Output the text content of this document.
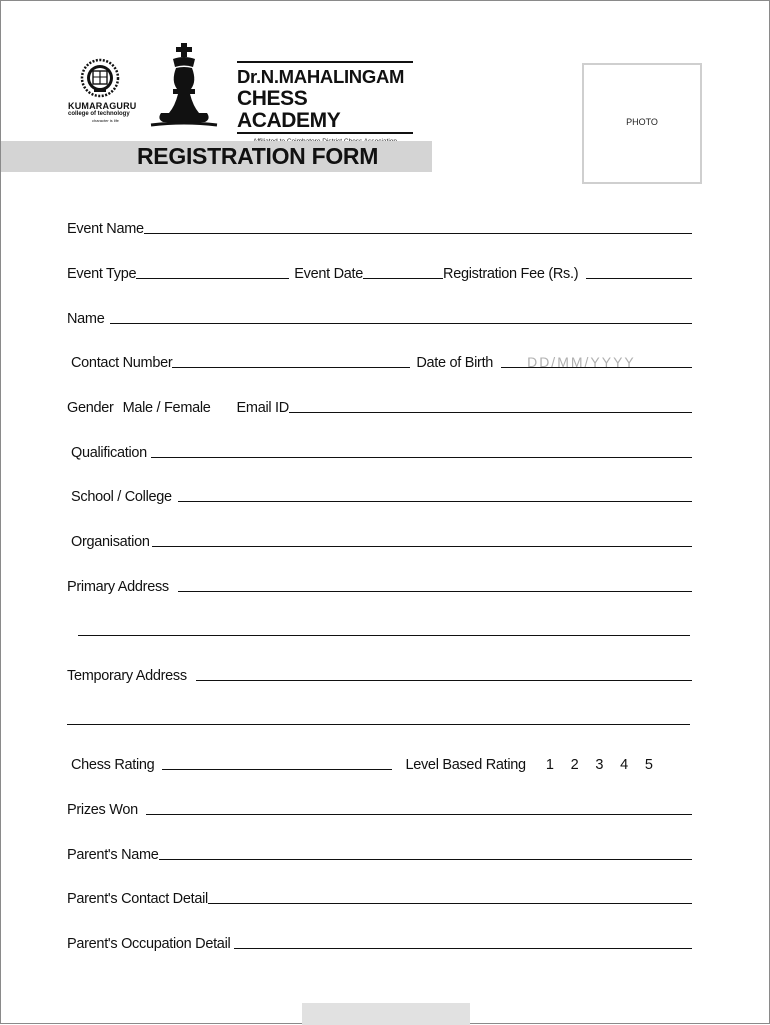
KUMARAGURU
college of technology
character is life
Dr.N.MAHALINGAM
CHESS ACADEMY	PHOTO
REGISTRATION FORM
Event Name
Event Type	Event Date	Registration Fee (Rs.)
Name
Contact Number	Date of Birth DD/MM/YYYY
Gender Male / Female Email ID
Qualification
School / College
Organisation
Primary Address
Temporary Address
Chess Rating	Level Based Rating 1 2 3 4 5
Prizes Won
Parent's Name
Parent's Contact Detail
Parent's Occupation Detail
